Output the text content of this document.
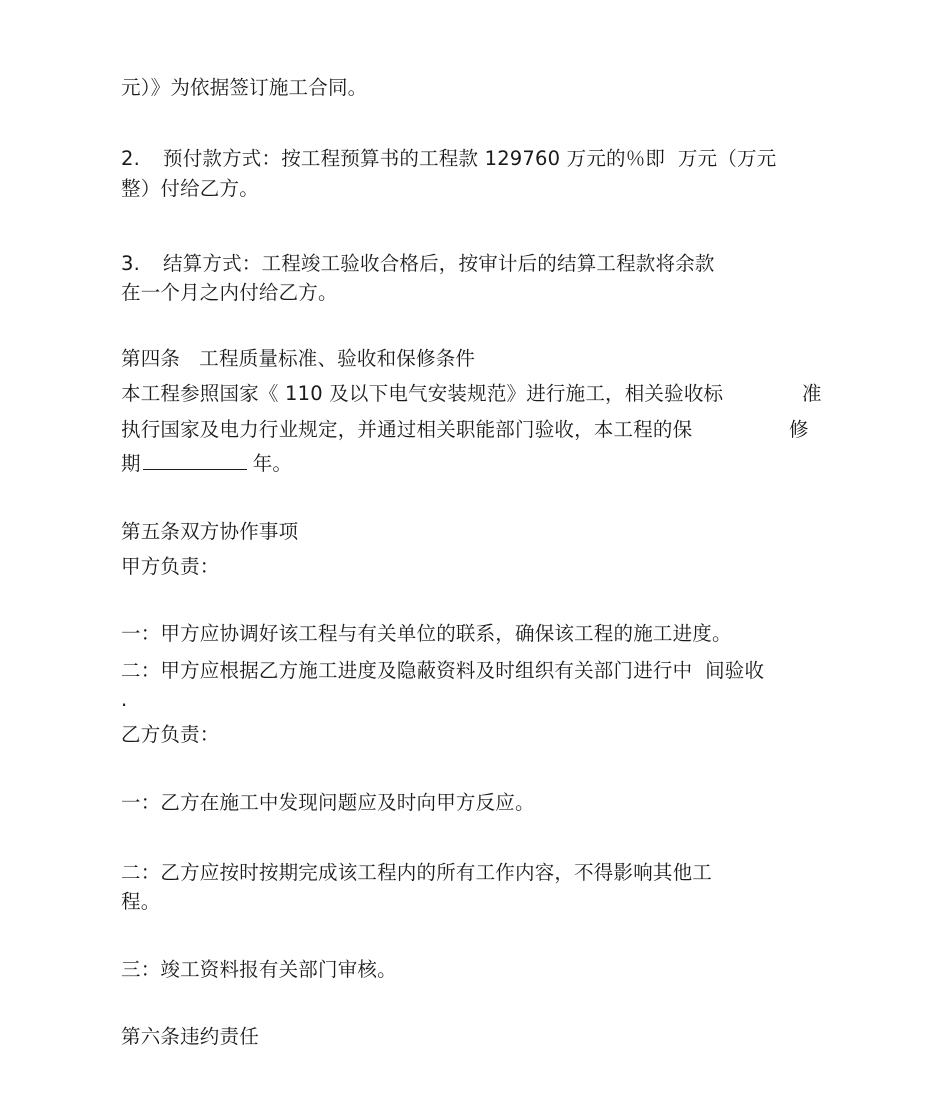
元）》为依据签订施工合同。
2. 预付款方式：按工程预算书的工程款 129760 万元的％即  万元（万元
整）付给乙方。
3. 结算方式：工程竣工验收合格后，按审计后的结算工程款将余款
在一个月之内付给乙方。
第四条   工程质量标准、验收和保修条件
本工程参照国家《 110 及以下电气安装规范》进行施工，相关验收标	准
执行国家及电力行业规定，并通过相关职能部门验收，本工程的保	修
期	年。
第五条双方协作事项
甲方负责：
一：甲方应协调好该工程与有关单位的联系，确保该工程的施工进度。
二：甲方应根据乙方施工进度及隐蔽资料及时组织有关部门进行中  间验收
.
乙方负责：
一：乙方在施工中发现问题应及时向甲方反应。
二：乙方应按时按期完成该工程内的所有工作内容，不得影响其他工
程。
三：竣工资料报有关部门审核。
第六条违约责任
